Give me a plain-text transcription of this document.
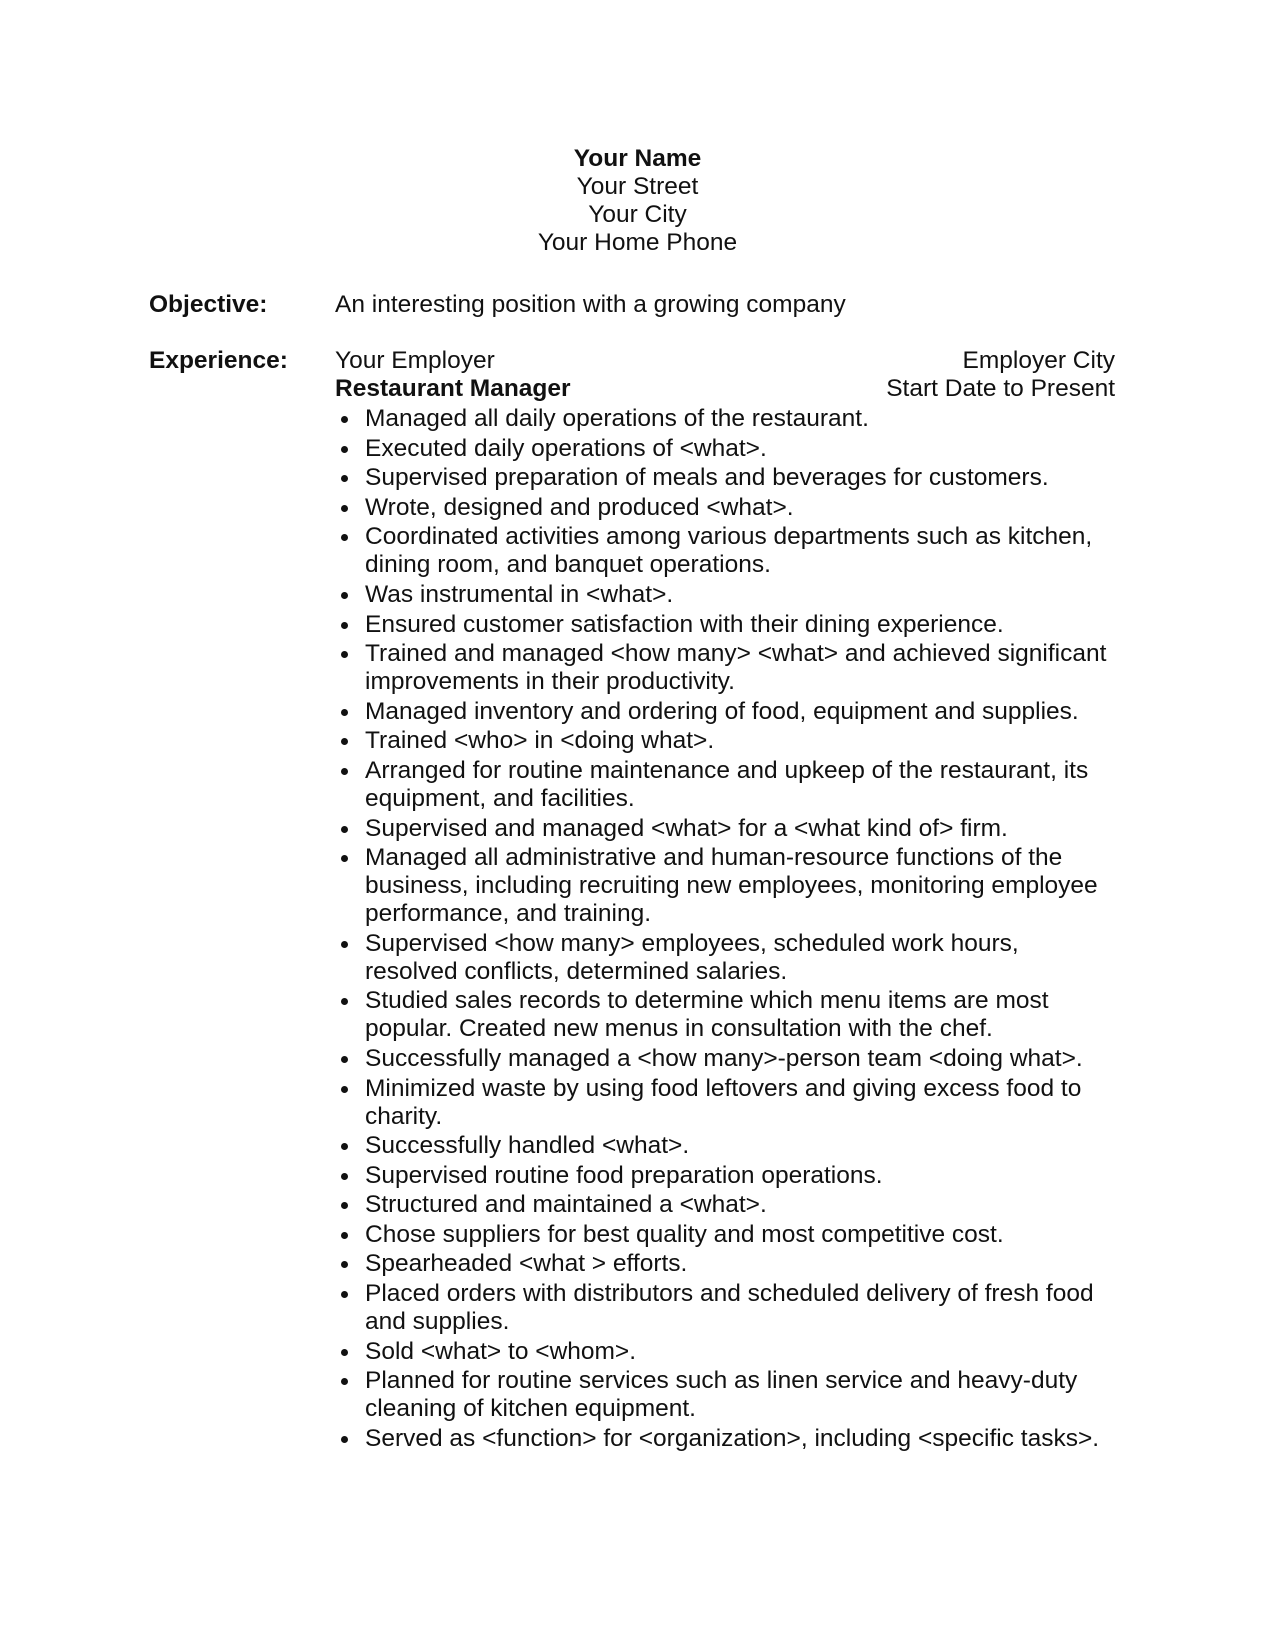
Your Name
Your Street
Your City
Your Home Phone
Objective:	An interesting position with a growing company
Experience: Your Employer	Employer City
Restaurant Manager	Start Date to Present
Managed all daily operations of the restaurant.
Executed daily operations of <what>.
Supervised preparation of meals and beverages for customers.
Wrote, designed and produced <what>.
Coordinated activities among various departments such as kitchen, dining room, and banquet operations.
Was instrumental in <what>.
Ensured customer satisfaction with their dining experience.
Trained and managed <how many> <what> and achieved significant improvements in their productivity.
Managed inventory and ordering of food, equipment and supplies.
Trained <who> in <doing what>.
Arranged for routine maintenance and upkeep of the restaurant, its equipment, and facilities.
Supervised and managed <what> for a <what kind of> firm.
Managed all administrative and human-resource functions of the business, including recruiting new employees, monitoring employee performance, and training.
Supervised <how many> employees, scheduled work hours, resolved conflicts, determined salaries.
Studied sales records to determine which menu items are most popular. Created new menus in consultation with the chef.
Successfully managed a <how many>-person team <doing what>.
Minimized waste by using food leftovers and giving excess food to charity.
Successfully handled <what>.
Supervised routine food preparation operations.
Structured and maintained a <what>.
Chose suppliers for best quality and most competitive cost.
Spearheaded <what > efforts.
Placed orders with distributors and scheduled delivery of fresh food and supplies.
Sold <what> to <whom>.
Planned for routine services such as linen service and heavy-duty cleaning of kitchen equipment.
Served as <function> for <organization>, including <specific tasks>.
